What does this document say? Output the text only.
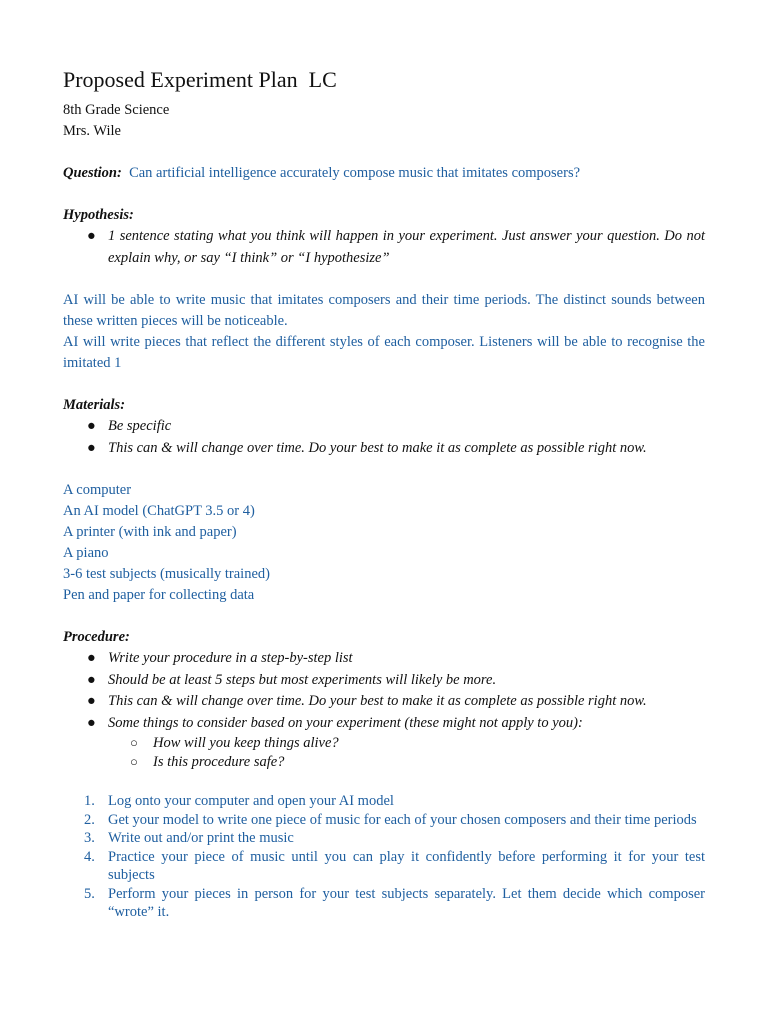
Proposed Experiment Plan  LC
8th Grade Science
Mrs. Wile
Question: Can artificial intelligence accurately compose music that imitates composers?
Hypothesis:
● 1 sentence stating what you think will happen in your experiment. Just answer your question. Do not explain why, or say “I think” or “I hypothesize”
AI will be able to write music that imitates composers and their time periods. The distinct sounds between these written pieces will be noticeable.
AI will write pieces that reflect the different styles of each composer. Listeners will be able to recognise the imitated 1
Materials:
● Be specific
● This can & will change over time. Do your best to make it as complete as possible right now.
A computer
An AI model (ChatGPT 3.5 or 4)
A printer (with ink and paper)
A piano
3-6 test subjects (musically trained)
Pen and paper for collecting data
Procedure:
● Write your procedure in a step-by-step list
● Should be at least 5 steps but most experiments will likely be more.
● This can & will change over time. Do your best to make it as complete as possible right now.
● Some things to consider based on your experiment (these might not apply to you):
○ How will you keep things alive?
○ Is this procedure safe?
1. Log onto your computer and open your AI model
2. Get your model to write one piece of music for each of your chosen composers and their time periods
3. Write out and/or print the music
4. Practice your piece of music until you can play it confidently before performing it for your test subjects
5. Perform your pieces in person for your test subjects separately. Let them decide which composer “wrote” it.
